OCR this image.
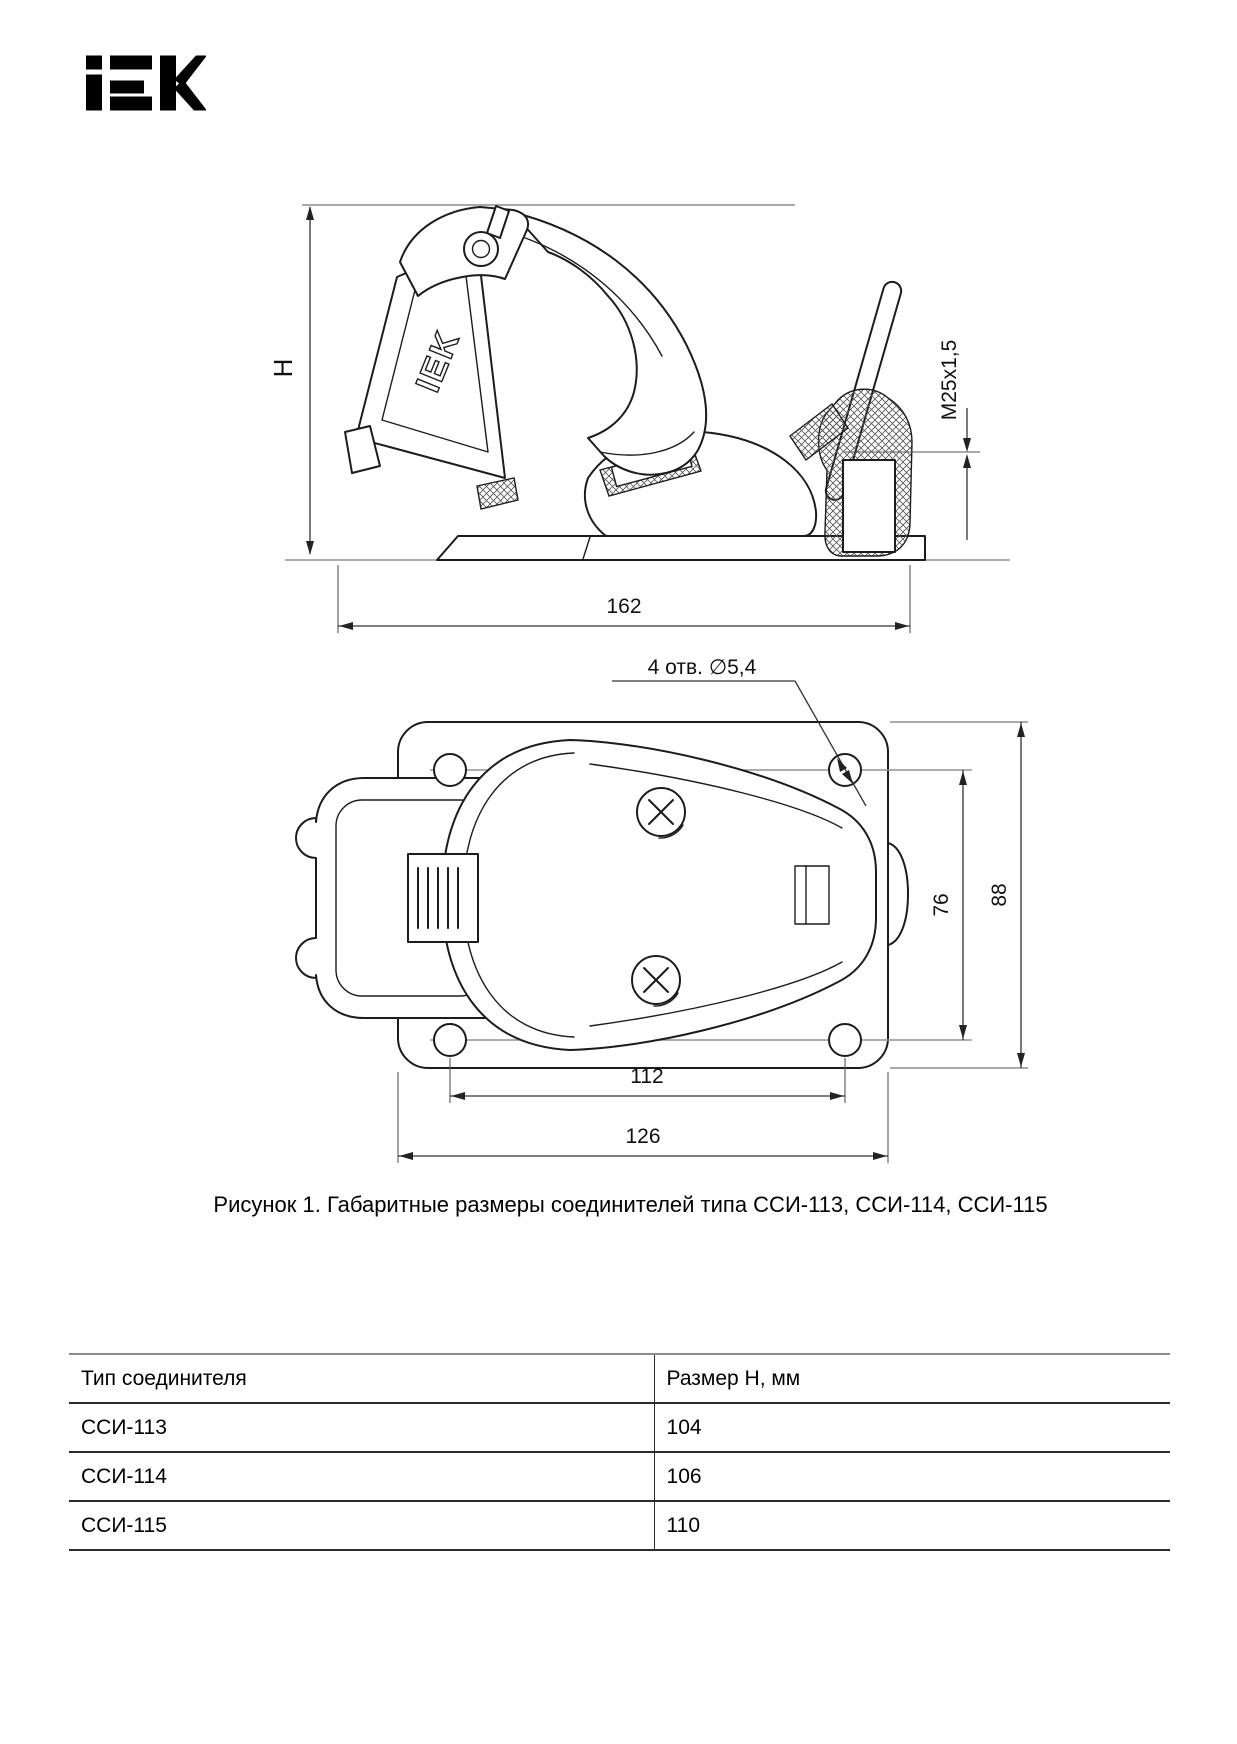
IEK
H
162
M25x1,5
4 отв. ∅5,4
112
126
76 88
Рисунок 1. Габаритные размеры соединителей типа ССИ-113, ССИ-114, ССИ-115
Тип соединителя	Размер H, мм
ССИ-113	104
ССИ-114	106
ССИ-115	110
